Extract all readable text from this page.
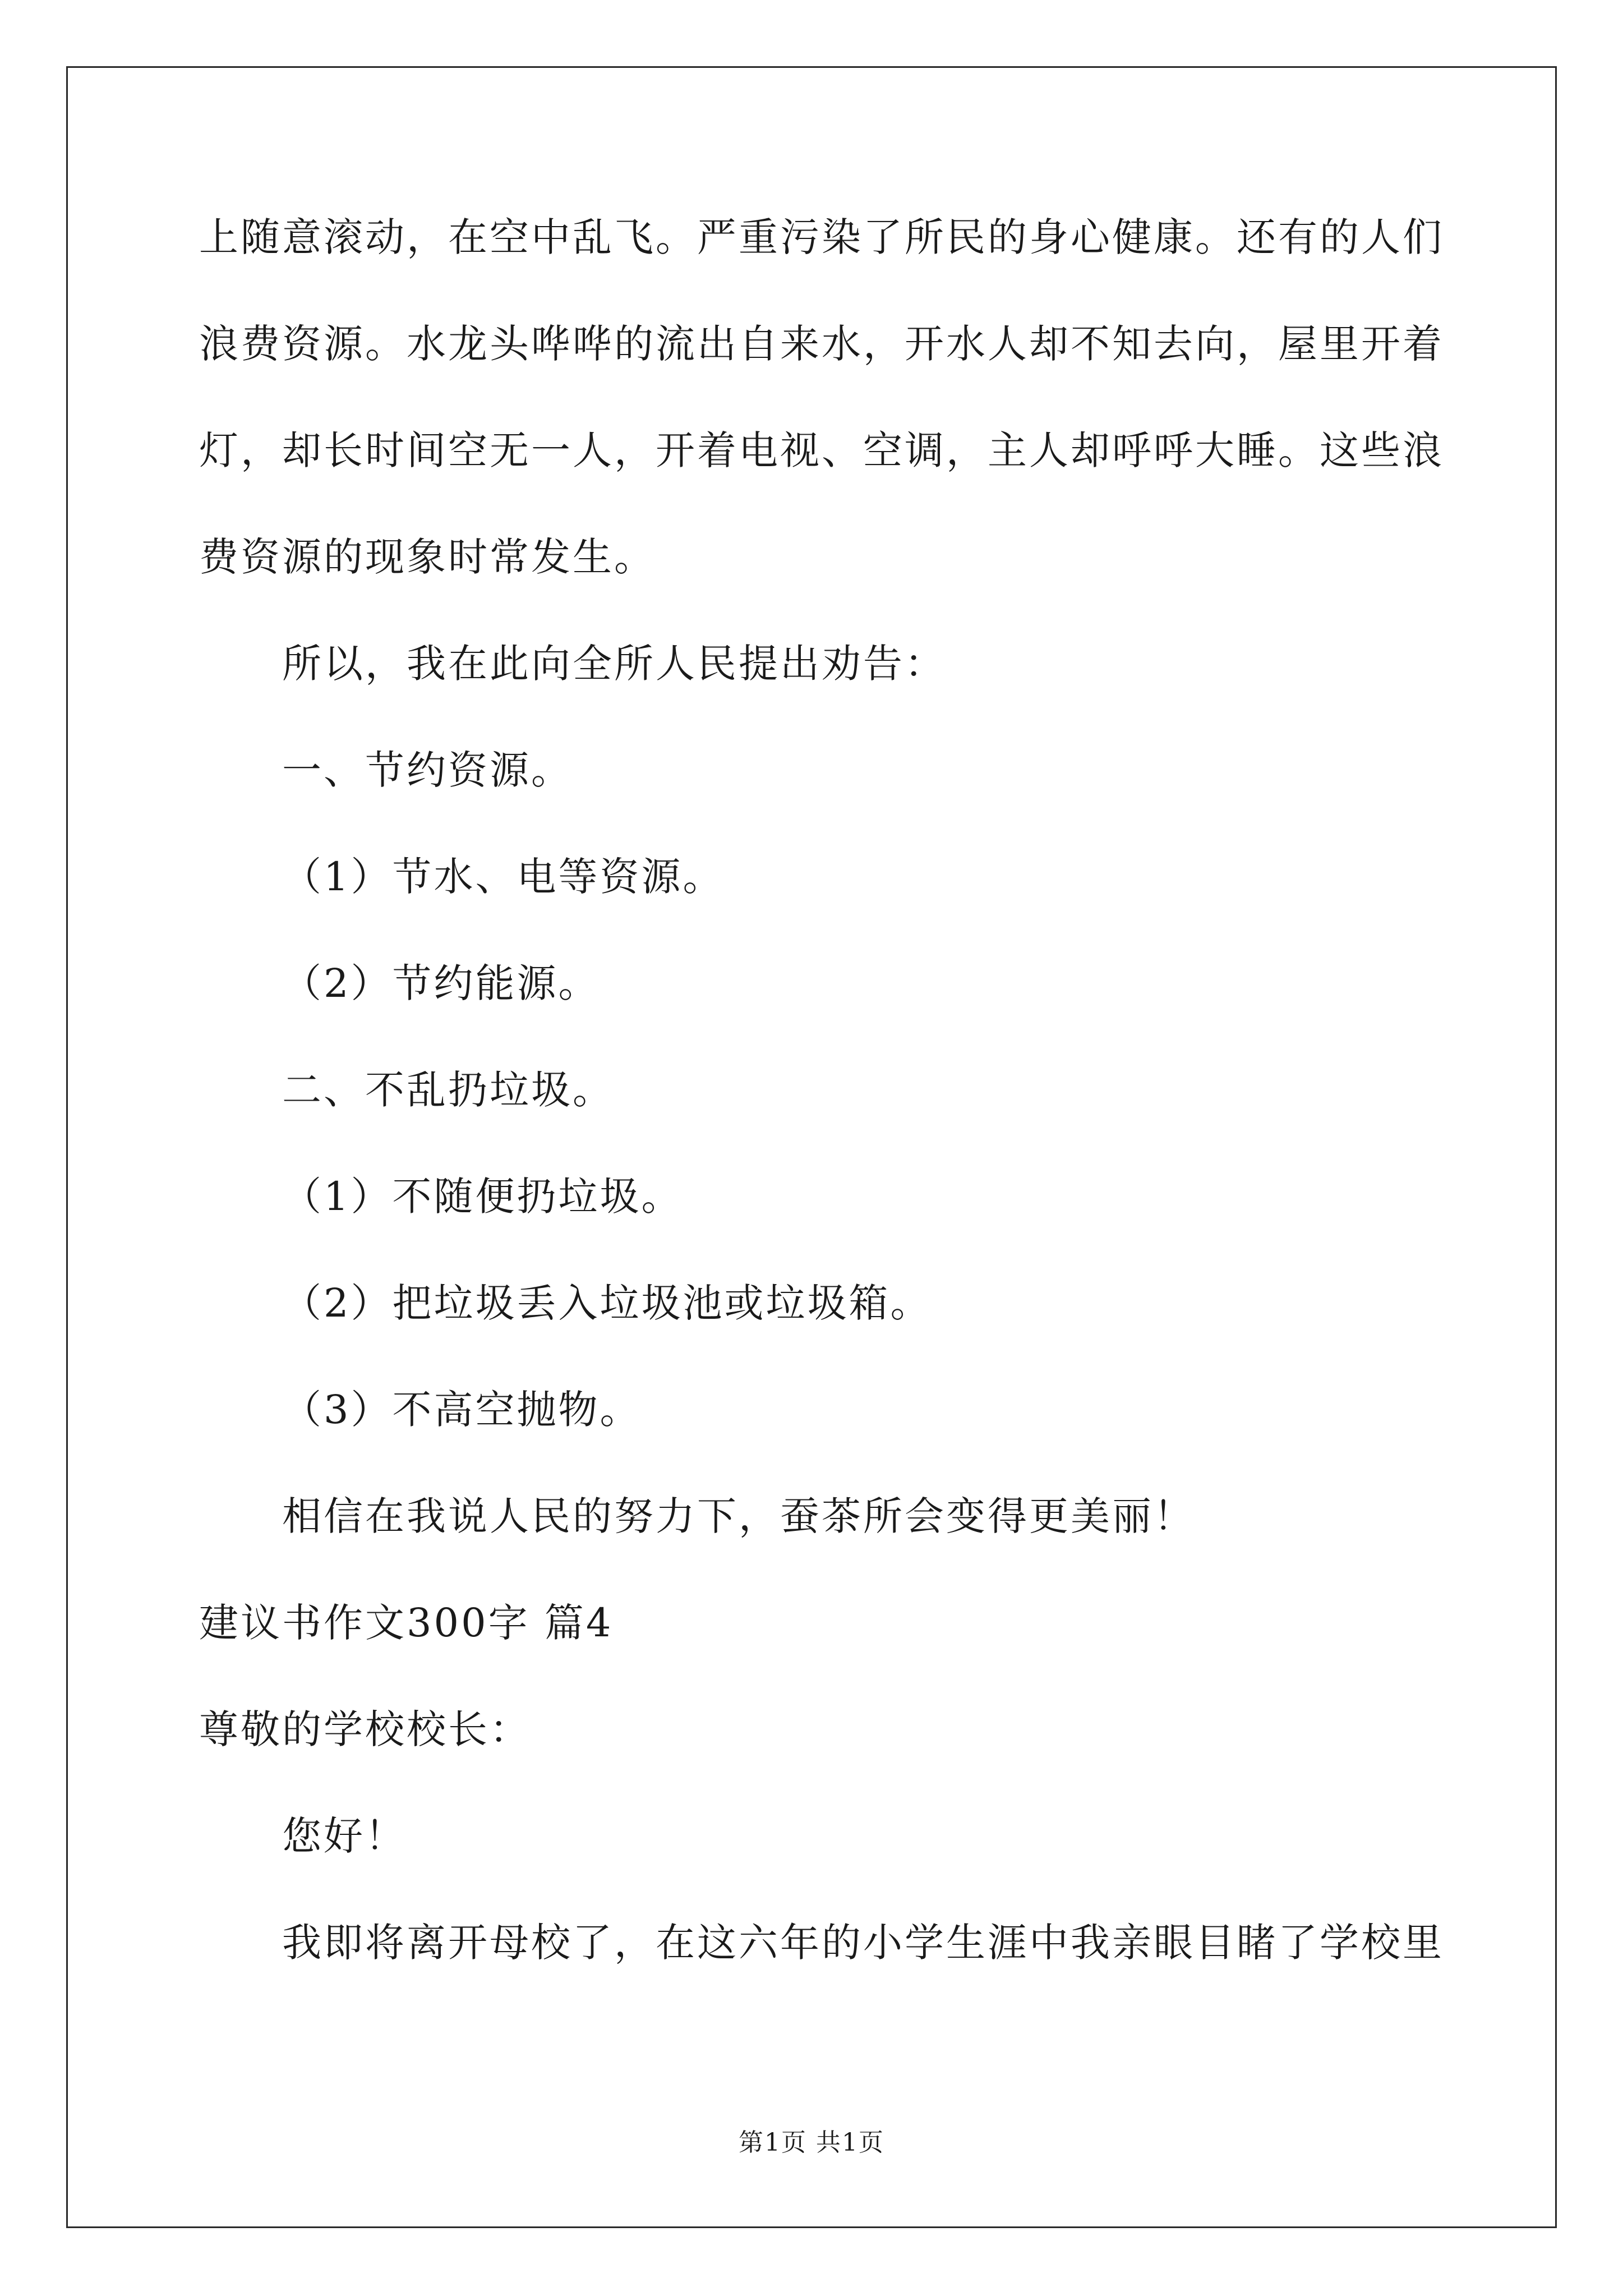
上随意滚动，在空中乱飞。严重污染了所民的身心健康。还有的人们
浪费资源。水龙头哗哗的流出自来水，开水人却不知去向，屋里开着
灯，却长时间空无一人，开着电视、空调，主人却呼呼大睡。这些浪
费资源的现象时常发生。
所以，我在此向全所人民提出劝告：
一、节约资源。
（1）节水、电等资源。
（2）节约能源。
二、不乱扔垃圾。
（1）不随便扔垃圾。
（2）把垃圾丢入垃圾池或垃圾箱。
（3）不高空抛物。
相信在我说人民的努力下，蚕茶所会变得更美丽！
建议书作文300字 篇4
尊敬的学校校长：
您好！
我即将离开母校了，在这六年的小学生涯中我亲眼目睹了学校里
第1页 共1页
